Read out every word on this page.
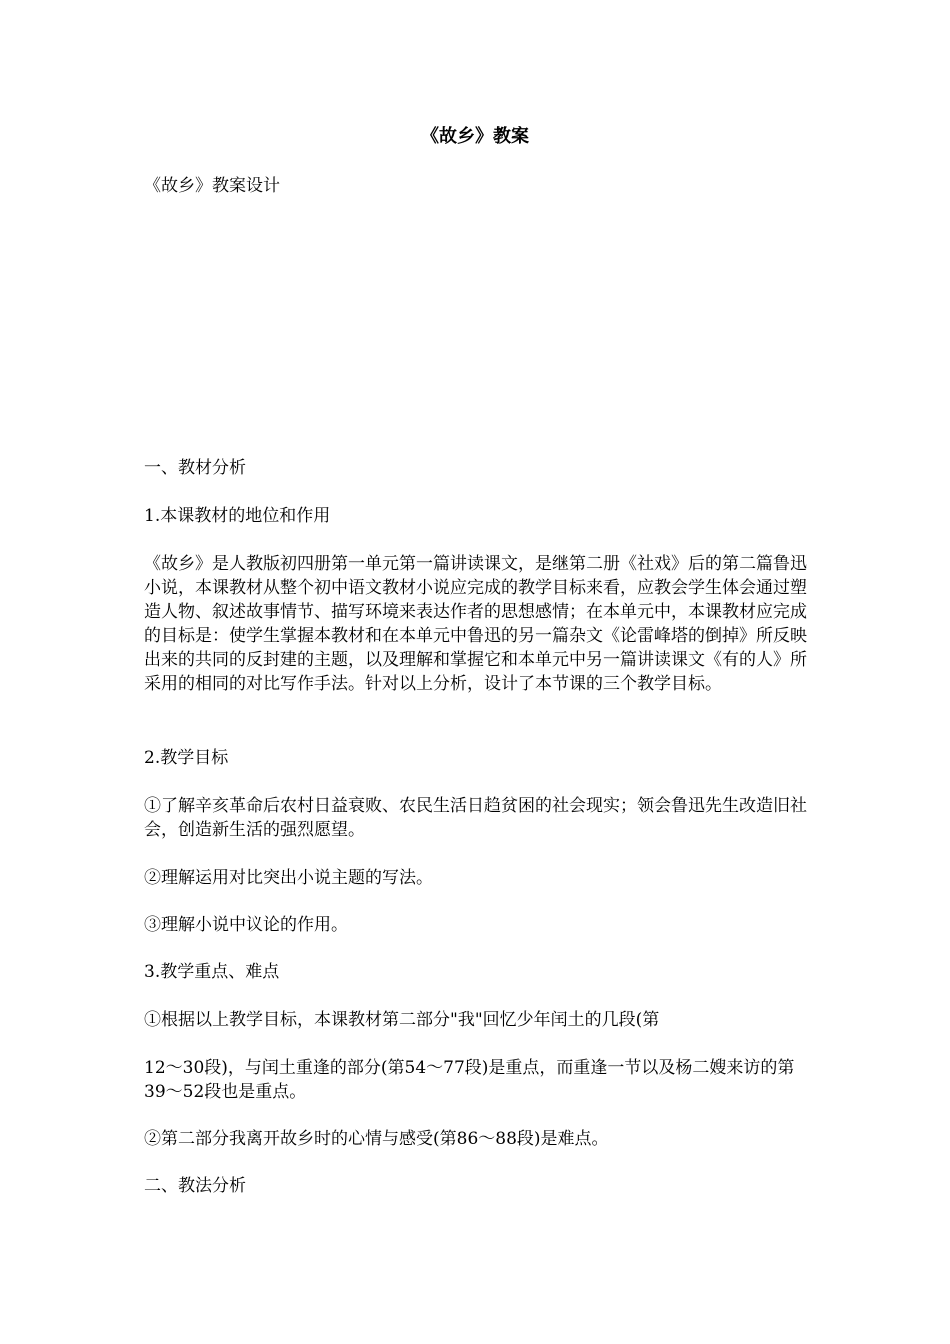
《故乡》教案

《故乡》教案设计

一、教材分析

1.本课教材的地位和作用

《故乡》是人教版初四册第一单元第一篇讲读课文，是继第二册《社戏》后的第二篇鲁迅小说，本课教材从整个初中语文教材小说应完成的教学目标来看，应教会学生体会通过塑造人物、叙述故事情节、描写环境来表达作者的思想感情；在本单元中，本课教材应完成的目标是：使学生掌握本教材和在本单元中鲁迅的另一篇杂文《论雷峰塔的倒掉》所反映出来的共同的反封建的主题，以及理解和掌握它和本单元中另一篇讲读课文《有的人》所采用的相同的对比写作手法。针对以上分析，设计了本节课的三个教学目标。

2.教学目标

①了解辛亥革命后农村日益衰败、农民生活日趋贫困的社会现实；领会鲁迅先生改造旧社会，创造新生活的强烈愿望。

②理解运用对比突出小说主题的写法。

③理解小说中议论的作用。

3.教学重点、难点

①根据以上教学目标，本课教材第二部分"我"回忆少年闰土的几段(第

12～30段)，与闰土重逢的部分(第54～77段)是重点，而重逢一节以及杨二嫂来访的第39～52段也是重点。

②第二部分我离开故乡时的心情与感受(第86～88段)是难点。

二、教法分析
